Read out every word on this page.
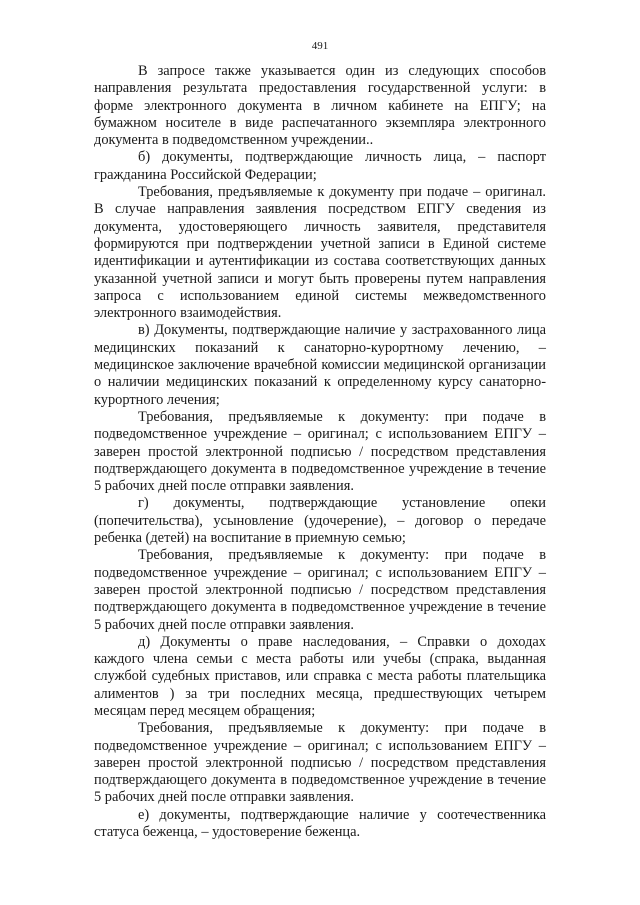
491

В запросе также указывается один из следующих способов направления результата предоставления государственной услуги: в форме электронного документа в личном кабинете на ЕПГУ; на бумажном носителе в виде распечатанного экземпляра электронного документа в подведомственном учреждении..

б) документы, подтверждающие личность лица, – паспорт гражданина Российской Федерации;

Требования, предъявляемые к документу при подаче – оригинал. В случае направления заявления посредством ЕПГУ сведения из документа, удостоверяющего личность заявителя, представителя формируются при подтверждении учетной записи в Единой системе идентификации и аутентификации из состава соответствующих данных указанной учетной записи и могут быть проверены путем направления запроса с использованием единой системы межведомственного электронного взаимодействия.

в) Документы, подтверждающие наличие у застрахованного лица медицинских показаний к санаторно-курортному лечению, – медицинское заключение врачебной комиссии медицинской организации о наличии медицинских показаний к определенному курсу санаторно-курортного лечения;

Требования, предъявляемые к документу: при подаче в подведомственное учреждение – оригинал; с использованием ЕПГУ – заверен простой электронной подписью / посредством представления подтверждающего документа в подведомственное учреждение в течение 5 рабочих дней после отправки заявления.

г) документы, подтверждающие установление опеки (попечительства), усыновление (удочерение), – договор о передаче ребенка (детей) на воспитание в приемную семью;

Требования, предъявляемые к документу: при подаче в подведомственное учреждение – оригинал; с использованием ЕПГУ – заверен простой электронной подписью / посредством представления подтверждающего документа в подведомственное учреждение в течение 5 рабочих дней после отправки заявления.

д) Документы о праве наследования, – Справки о доходах каждого члена семьи с места работы или учебы (спрака, выданная службой судебных приставов, или справка с места работы плательщика алиментов ) за три последних месяца, предшествующих четырем месяцам перед месяцем обращения;

Требования, предъявляемые к документу: при подаче в подведомственное учреждение – оригинал; с использованием ЕПГУ – заверен простой электронной подписью / посредством представления подтверждающего документа в подведомственное учреждение в течение 5 рабочих дней после отправки заявления.

е) документы, подтверждающие наличие у соотечественника статуса беженца, – удостоверение беженца.
